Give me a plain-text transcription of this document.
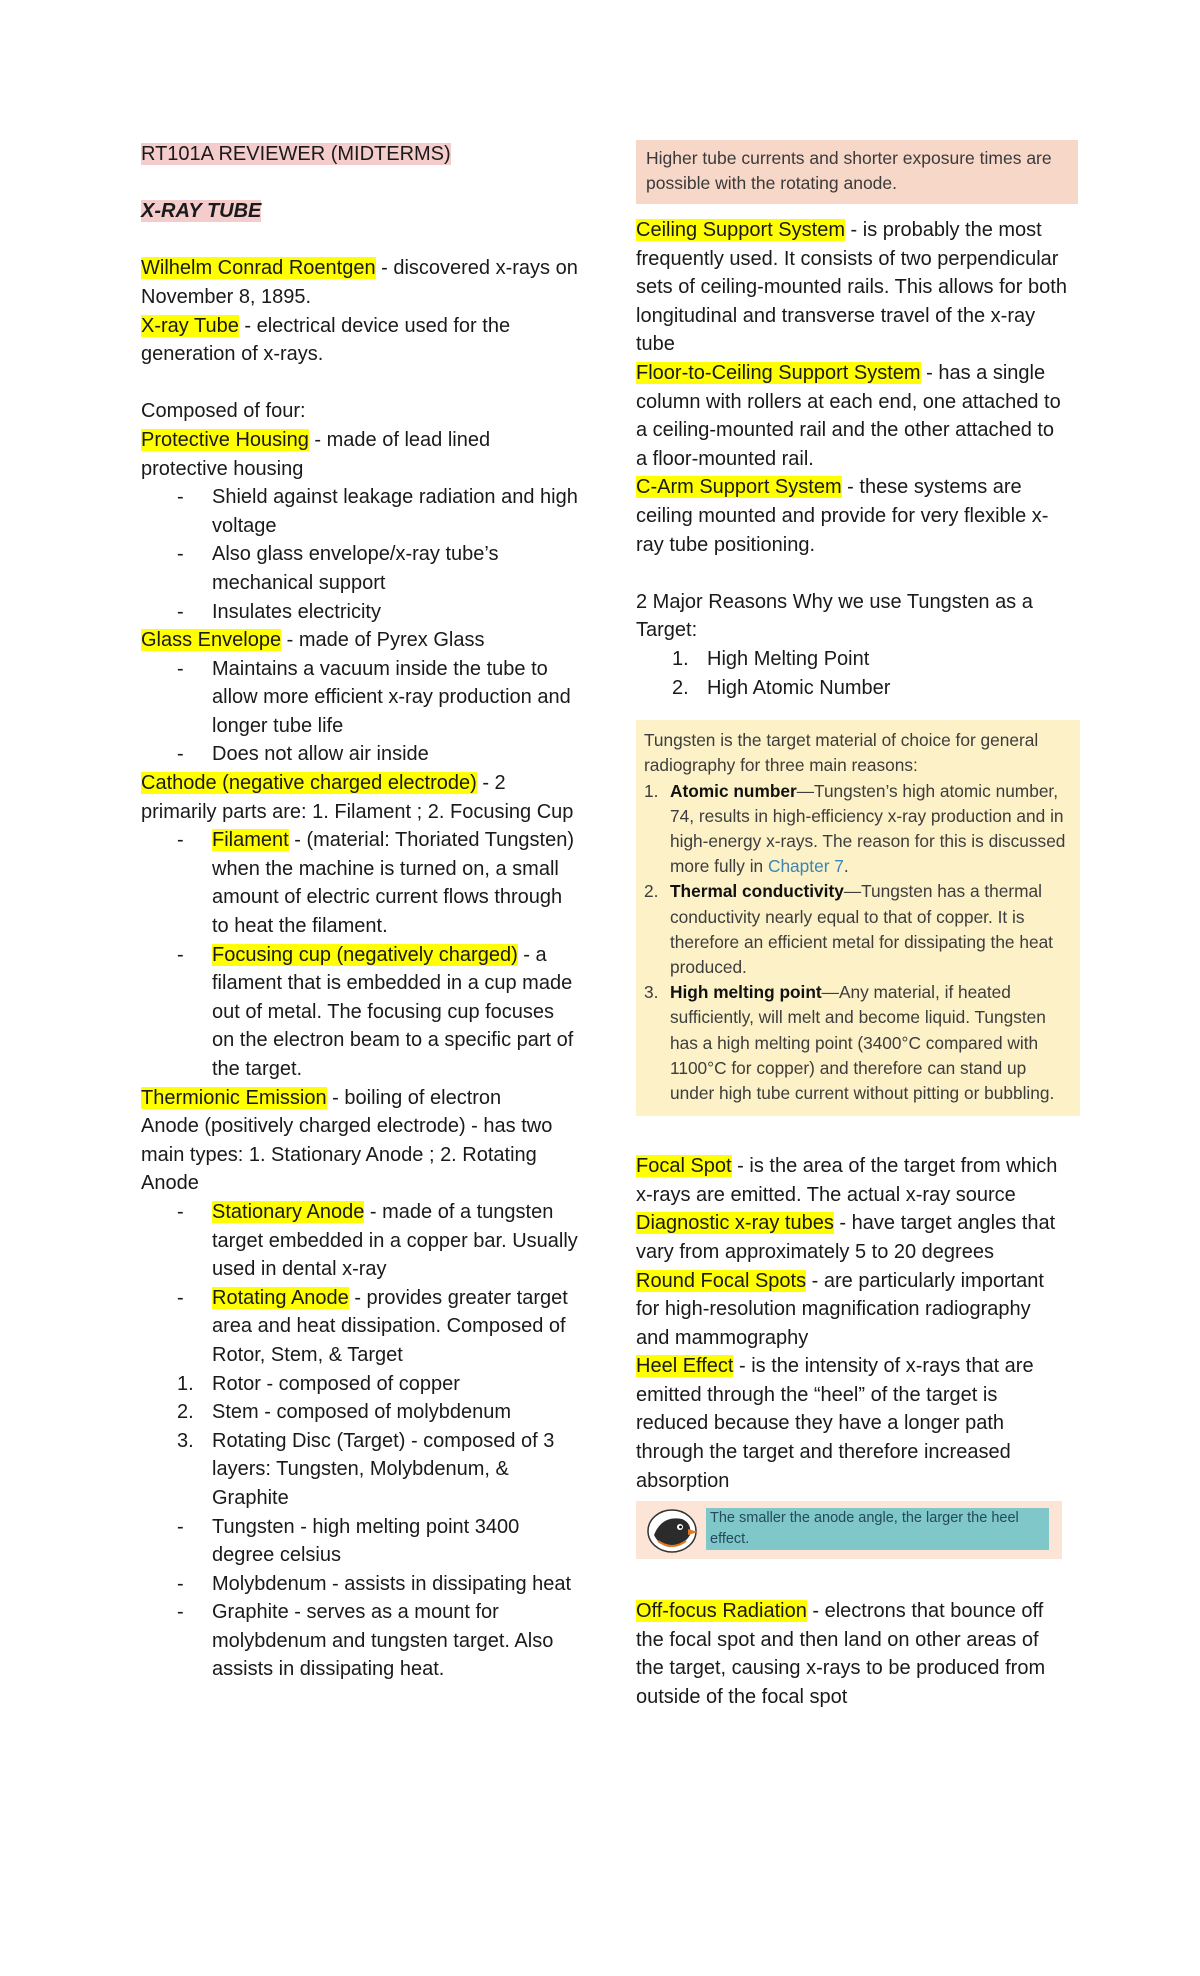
RT101A REVIEWER (MIDTERMS)

X-RAY TUBE

Wilhelm Conrad Roentgen - discovered x-rays on November 8, 1895.

X-ray Tube - electrical device used for the generation of x-rays.

Composed of four:

Protective Housing - made of lead lined protective housing

- Shield against leakage radiation and high voltage
- Also glass envelope/x-ray tube’s mechanical support
- Insulates electricity

Glass Envelope - made of Pyrex Glass

- Maintains a vacuum inside the tube to allow more efficient x-ray production and longer tube life
- Does not allow air inside

Cathode (negative charged electrode) - 2 primarily parts are: 1. Filament ; 2. Focusing Cup

- Filament - (material: Thoriated Tungsten) when the machine is turned on, a small amount of electric current flows through to heat the filament.
- Focusing cup (negatively charged) - a filament that is embedded in a cup made out of metal. The focusing cup focuses on the electron beam to a specific part of the target.

Thermionic Emission - boiling of electron

Anode (positively charged electrode) - has two main types: 1. Stationary Anode ; 2. Rotating Anode

- Stationary Anode - made of a tungsten target embedded in a copper bar. Usually used in dental x-ray
- Rotating Anode - provides greater target area and heat dissipation. Composed of Rotor, Stem, & Target
1. Rotor - composed of copper
2. Stem - composed of molybdenum
3. Rotating Disc (Target) - composed of 3 layers: Tungsten, Molybdenum, & Graphite
- Tungsten - high melting point 3400 degree celsius
- Molybdenum - assists in dissipating heat
- Graphite - serves as a mount for molybdenum and tungsten target. Also assists in dissipating heat.
Higher tube currents and shorter exposure times are possible with the rotating anode.

Ceiling Support System - is probably the most frequently used. It consists of two perpendicular sets of ceiling-mounted rails. This allows for both longitudinal and transverse travel of the x-ray tube

Floor-to-Ceiling Support System - has a single column with rollers at each end, one attached to a ceiling-mounted rail and the other attached to a floor-mounted rail.

C-Arm Support System - these systems are ceiling mounted and provide for very flexible x-ray tube positioning.

2 Major Reasons Why we use Tungsten as a Target:

1. High Melting Point
2. High Atomic Number
Tungsten is the target material of choice for general radiography for three main reasons:
1. Atomic number—Tungsten’s high atomic number, 74, results in high-efficiency x-ray production and in high-energy x-rays. The reason for this is discussed more fully in Chapter 7.
2. Thermal conductivity—Tungsten has a thermal conductivity nearly equal to that of copper. It is therefore an efficient metal for dissipating the heat produced.
3. High melting point—Any material, if heated sufficiently, will melt and become liquid. Tungsten has a high melting point (3400°C compared with 1100°C for copper) and therefore can stand up under high tube current without pitting or bubbling.

Focal Spot - is the area of the target from which x-rays are emitted. The actual x-ray source

Diagnostic x-ray tubes - have target angles that vary from approximately 5 to 20 degrees

Round Focal Spots - are particularly important for high-resolution magnification radiography and mammography

Heel Effect - is the intensity of x-rays that are emitted through the “heel” of the target is reduced because they have a longer path through the target and therefore increased absorption

The smaller the anode angle, the larger the heel effect.

Off-focus Radiation - electrons that bounce off the focal spot and then land on other areas of the target, causing x-rays to be produced from outside of the focal spot
